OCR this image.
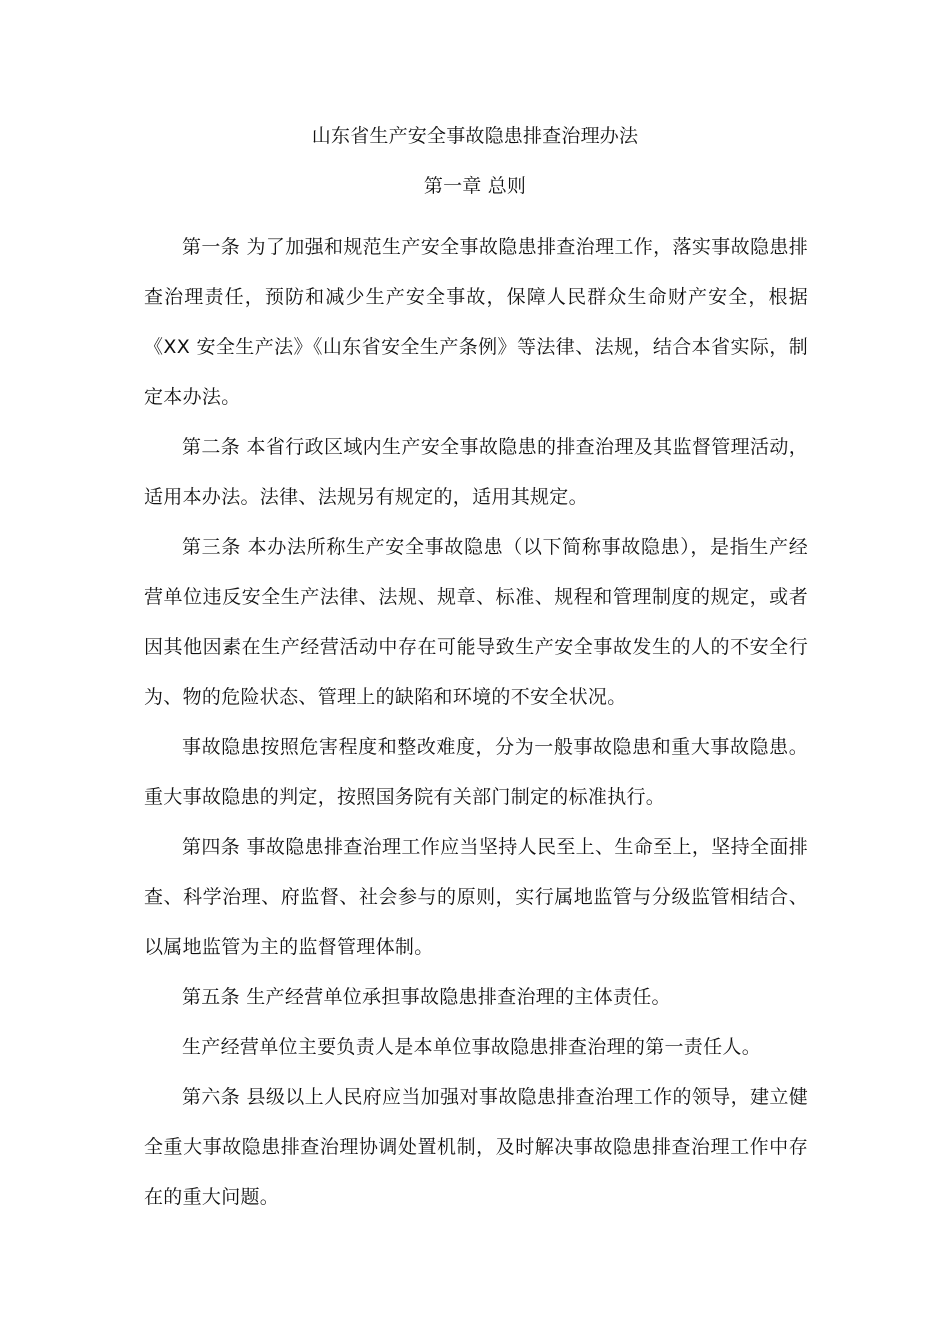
山东省生产安全事故隐患排查治理办法
第一章 总则

第一条 为了加强和规范生产安全事故隐患排查治理工作，落实事故隐患排查治理责任，预防和减少生产安全事故，保障人民群众生命财产安全，根据《XX 安全生产法》《山东省安全生产条例》等法律、法规，结合本省实际，制定本办法。

第二条 本省行政区域内生产安全事故隐患的排查治理及其监督管理活动，适用本办法。法律、法规另有规定的，适用其规定。

第三条 本办法所称生产安全事故隐患（以下简称事故隐患），是指生产经营单位违反安全生产法律、法规、规章、标准、规程和管理制度的规定，或者因其他因素在生产经营活动中存在可能导致生产安全事故发生的人的不安全行为、物的危险状态、管理上的缺陷和环境的不安全状况。

事故隐患按照危害程度和整改难度，分为一般事故隐患和重大事故隐患。重大事故隐患的判定，按照国务院有关部门制定的标准执行。

第四条 事故隐患排查治理工作应当坚持人民至上、生命至上，坚持全面排查、科学治理、府监督、社会参与的原则，实行属地监管与分级监管相结合、以属地监管为主的监督管理体制。

第五条 生产经营单位承担事故隐患排查治理的主体责任。

生产经营单位主要负责人是本单位事故隐患排查治理的第一责任人。

第六条 县级以上人民府应当加强对事故隐患排查治理工作的领导，建立健全重大事故隐患排查治理协调处置机制，及时解决事故隐患排查治理工作中存在的重大问题。
